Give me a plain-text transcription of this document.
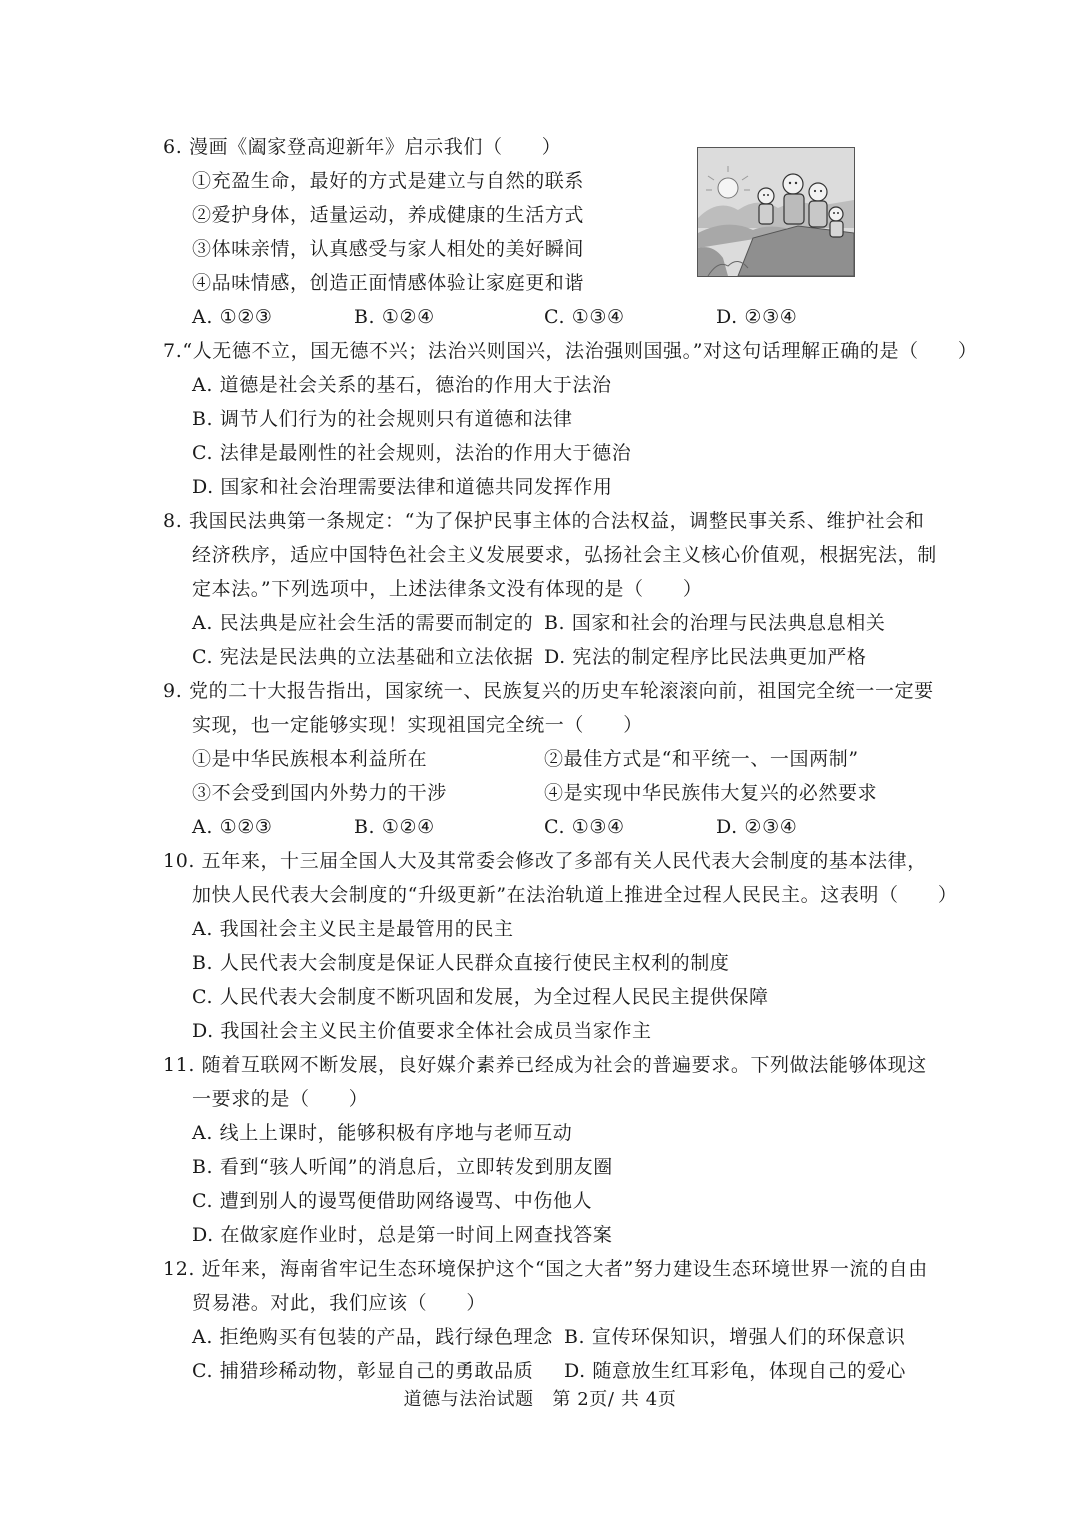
6. 漫画《阖家登高迎新年》启示我们（　　）
①充盈生命，最好的方式是建立与自然的联系
②爱护身体，适量运动，养成健康的生活方式
③体味亲情，认真感受与家人相处的美好瞬间
④品味情感，创造正面情感体验让家庭更和谐
A. ①②③	B. ①②④	C. ①③④	D. ②③④
7.“人无德不立，国无德不兴；法治兴则国兴，法治强则国强。”对这句话理解正确的是（　　）
A. 道德是社会关系的基石，德治的作用大于法治
B. 调节人们行为的社会规则只有道德和法律
C. 法律是最刚性的社会规则，法治的作用大于德治
D. 国家和社会治理需要法律和道德共同发挥作用
8. 我国民法典第一条规定：“为了保护民事主体的合法权益，调整民事关系、维护社会和
经济秩序，适应中国特色社会主义发展要求，弘扬社会主义核心价值观，根据宪法，制
定本法。”下列选项中，上述法律条文没有体现的是（　　）
A. 民法典是应社会生活的需要而制定的 B. 国家和社会的治理与民法典息息相关
C. 宪法是民法典的立法基础和立法依据 D. 宪法的制定程序比民法典更加严格
9. 党的二十大报告指出，国家统一、民族复兴的历史车轮滚滚向前，祖国完全统一一定要
实现，也一定能够实现！实现祖国完全统一（　　）
①是中华民族根本利益所在	②最佳方式是“和平统一、一国两制”
③不会受到国内外势力的干涉	④是实现中华民族伟大复兴的必然要求
A. ①②③	B. ①②④	C. ①③④	D. ②③④
10. 五年来，十三届全国人大及其常委会修改了多部有关人民代表大会制度的基本法律，
加快人民代表大会制度的“升级更新”在法治轨道上推进全过程人民民主。这表明（　　）
A. 我国社会主义民主是最管用的民主
B. 人民代表大会制度是保证人民群众直接行使民主权利的制度
C. 人民代表大会制度不断巩固和发展，为全过程人民民主提供保障
D. 我国社会主义民主价值要求全体社会成员当家作主
11. 随着互联网不断发展，良好媒介素养已经成为社会的普遍要求。下列做法能够体现这
一要求的是（　　）
A. 线上上课时，能够积极有序地与老师互动
B. 看到“骇人听闻”的消息后，立即转发到朋友圈
C. 遭到别人的谩骂便借助网络谩骂、中伤他人
D. 在做家庭作业时，总是第一时间上网查找答案
12. 近年来，海南省牢记生态环境保护这个“国之大者”努力建设生态环境世界一流的自由
贸易港。对此，我们应该（　　）
A. 拒绝购买有包装的产品，践行绿色理念 B. 宣传环保知识，增强人们的环保意识
C. 捕猎珍稀动物，彰显自己的勇敢品质 D. 随意放生红耳彩龟，体现自己的爱心
道德与法治试题　第 2页/ 共 4页
